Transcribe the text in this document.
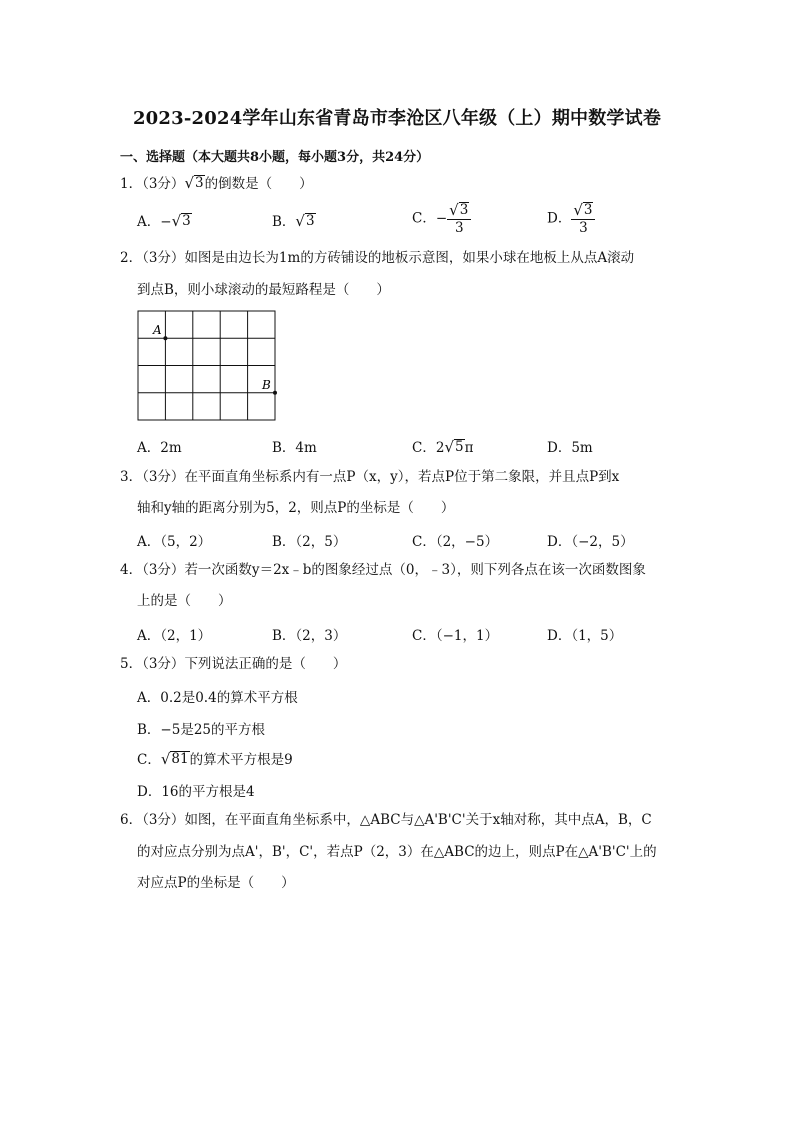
2023-2024学年山东省青岛市李沧区八年级（上）期中数学试卷
一、选择题（本大题共8小题，每小题3分，共24分）
1．（3分） √ 3 的倒数是（　　）
A．− √ 3	B． √ 3	C．− $\frac{√ 3}{3}$	D． $\frac{√ 3}{3}$
2．（3分）如图是由边长为1m的方砖铺设的地板示意图，如果小球在地板上从点A滚动
到点B，则小球滚动的最短路程是（　　）
A
B
A．2m	B．4m	C．2 √ 5 π	D．5m
3．（3分）在平面直角坐标系内有一点P（x，y），若点P位于第二象限，并且点P到x
轴和y轴的距离分别为5，2，则点P的坐标是（　　）
A．（5，2）	B．（2，5）	C．（2，−5）	D．（−2，5）
4．（3分）若一次函数y＝2x﹣b的图象经过点（0，﹣3），则下列各点在该一次函数图象
上的是（　　）
A．（2，1）	B．（2，3）	C．（−1，1）	D．（1，5）
5．（3分）下列说法正确的是（　　）
A．0.2是0.4的算术平方根
B．−5是25的平方根
C． √ 81 的算术平方根是9
D．16的平方根是4
6．（3分）如图，在平面直角坐标系中，△ABC与△A'B'C'关于x轴对称，其中点A，B，C
的对应点分别为点A'，B'，C'，若点P（2，3）在△ABC的边上，则点P在△A'B'C'上的
对应点P的坐标是（　　）
